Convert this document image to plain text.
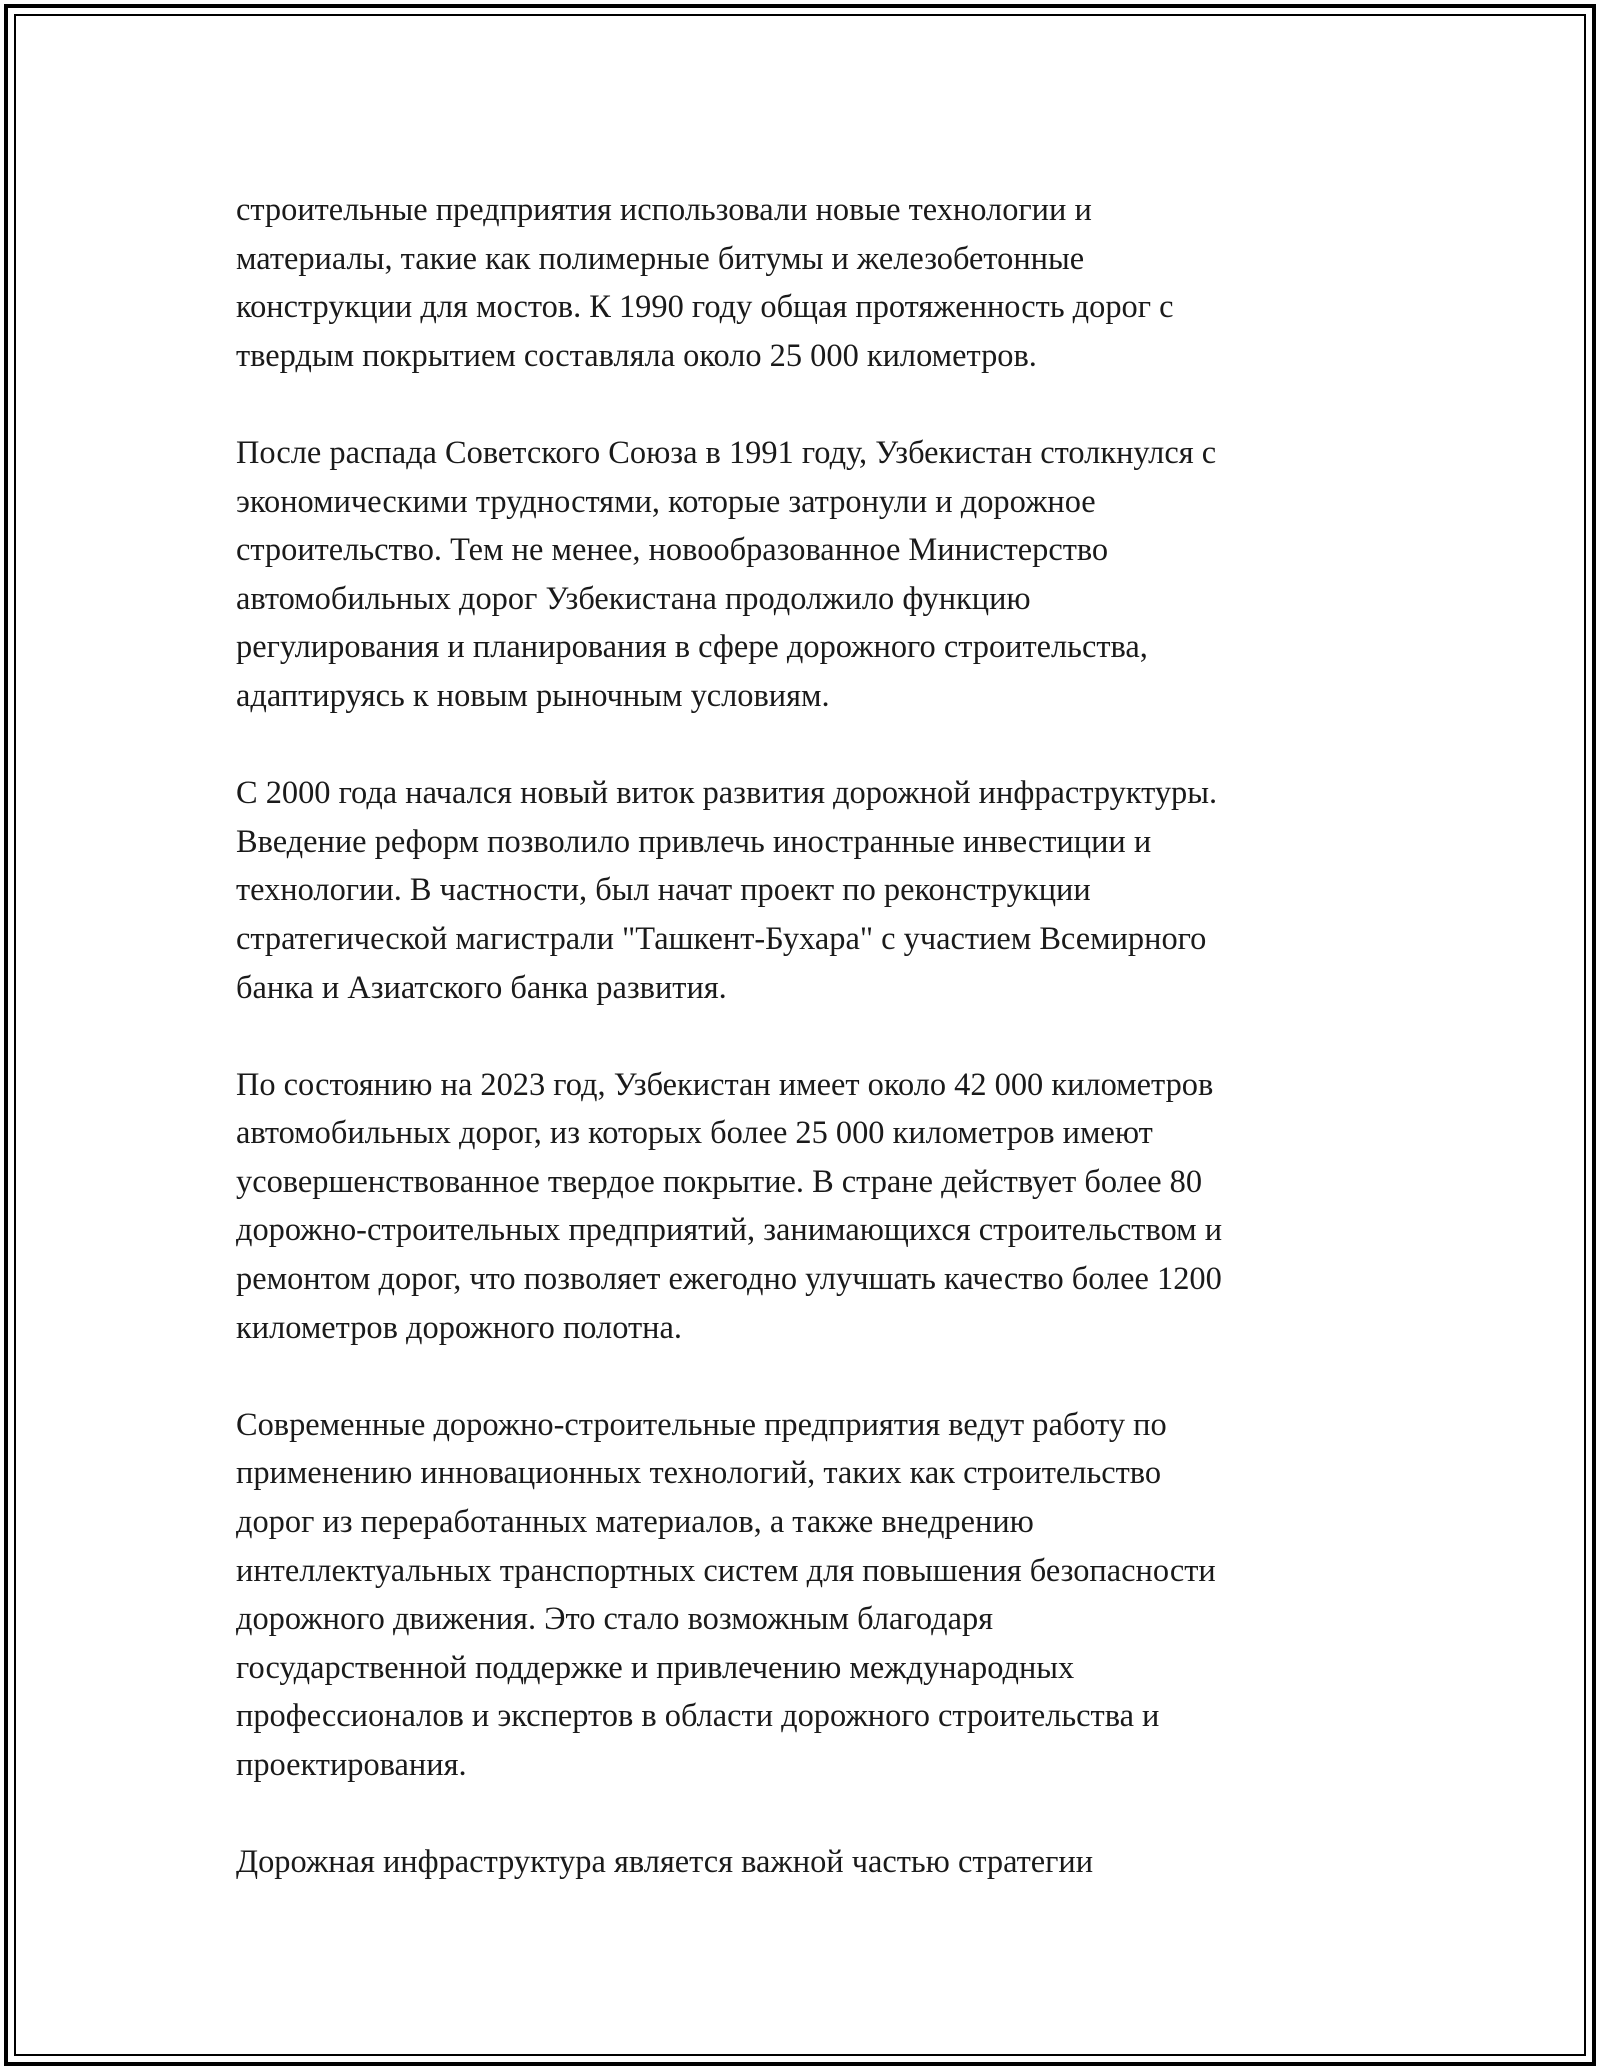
строительные предприятия использовали новые технологии и
материалы, такие как полимерные битумы и железобетонные
конструкции для мостов. К 1990 году общая протяженность дорог с
твердым покрытием составляла около 25 000 километров.

После распада Советского Союза в 1991 году, Узбекистан столкнулся с
экономическими трудностями, которые затронули и дорожное
строительство. Тем не менее, новообразованное Министерство
автомобильных дорог Узбекистана продолжило функцию
регулирования и планирования в сфере дорожного строительства,
адаптируясь к новым рыночным условиям.

С 2000 года начался новый виток развития дорожной инфраструктуры.
Введение реформ позволило привлечь иностранные инвестиции и
технологии. В частности, был начат проект по реконструкции
стратегической магистрали "Ташкент-Бухара" с участием Всемирного
банка и Азиатского банка развития.

По состоянию на 2023 год, Узбекистан имеет около 42 000 километров
автомобильных дорог, из которых более 25 000 километров имеют
усовершенствованное твердое покрытие. В стране действует более 80
дорожно-строительных предприятий, занимающихся строительством и
ремонтом дорог, что позволяет ежегодно улучшать качество более 1200
километров дорожного полотна.

Современные дорожно-строительные предприятия ведут работу по
применению инновационных технологий, таких как строительство
дорог из переработанных материалов, а также внедрению
интеллектуальных транспортных систем для повышения безопасности
дорожного движения. Это стало возможным благодаря
государственной поддержке и привлечению международных
профессионалов и экспертов в области дорожного строительства и
проектирования.

Дорожная инфраструктура является важной частью стратегии
